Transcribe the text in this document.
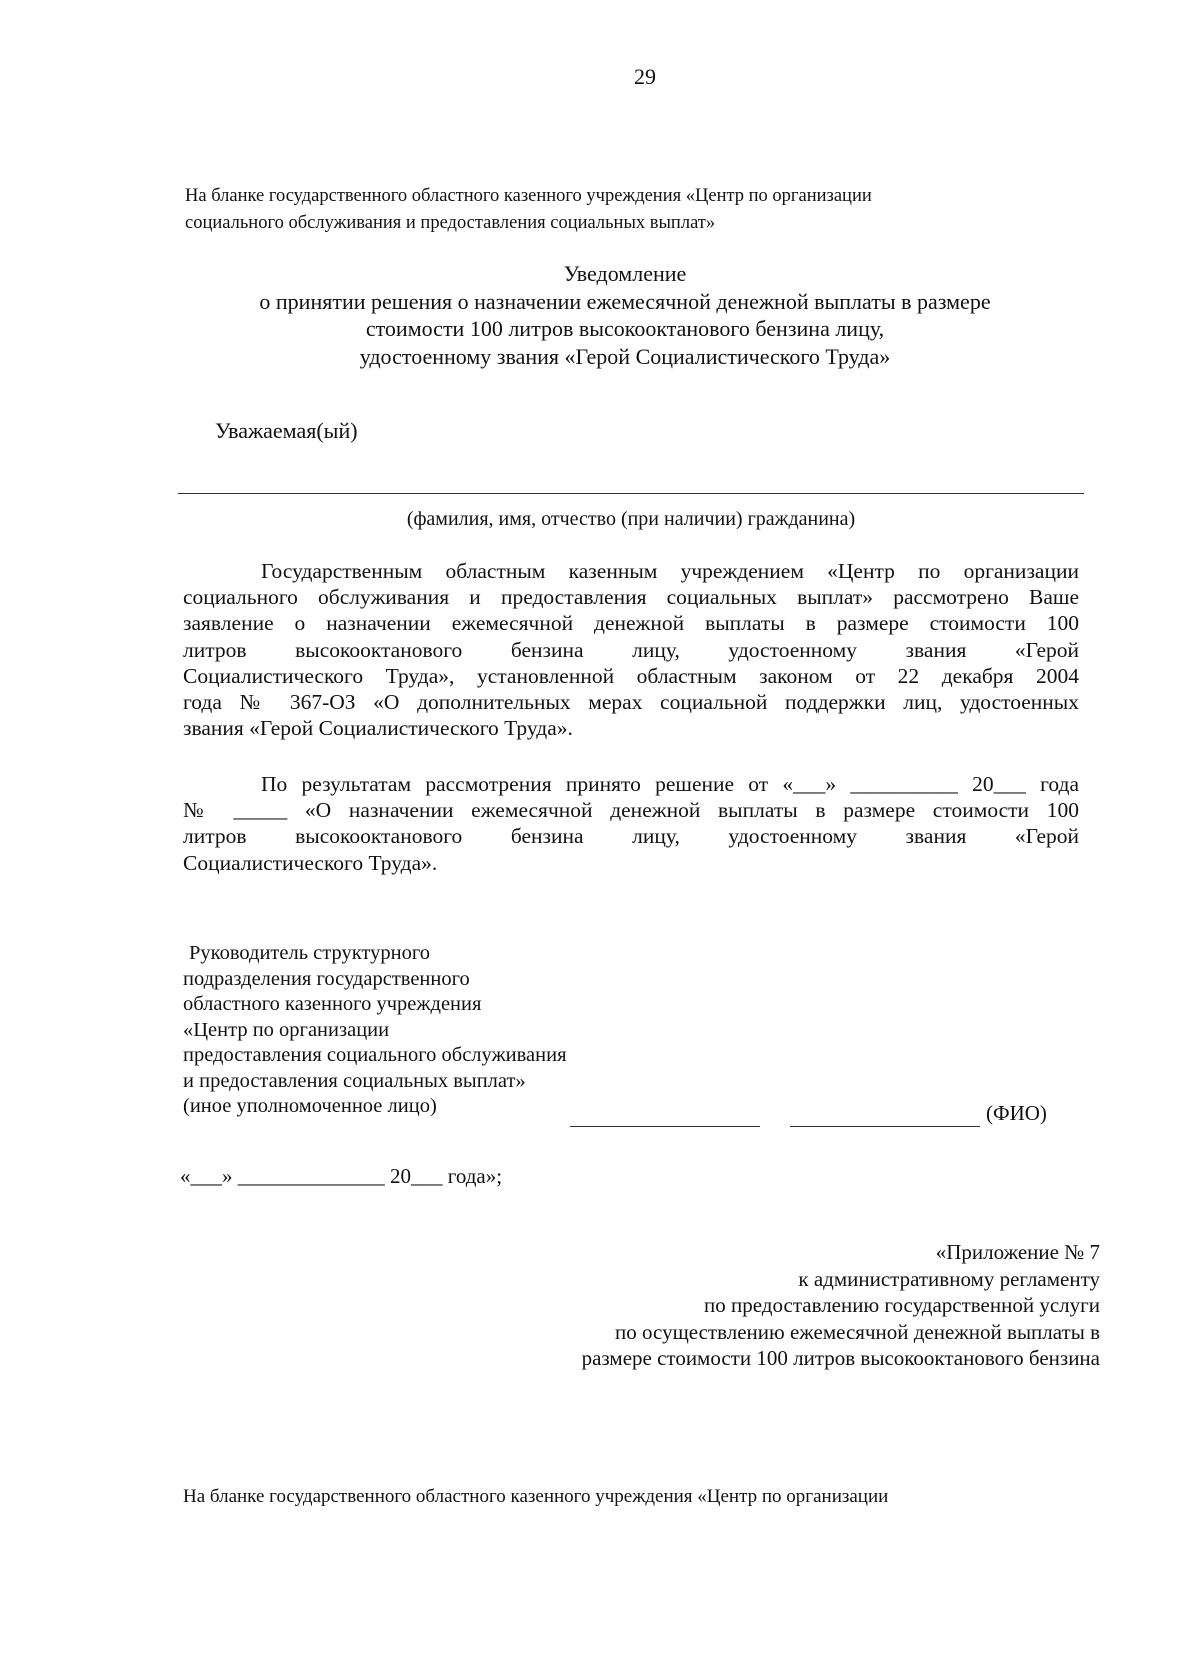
29
На бланке государственного областного казенного учреждения «Центр по организации
социального обслуживания и предоставления социальных выплат»
Уведомление
о принятии решения о назначении ежемесячной денежной выплаты в размере
стоимости 100 литров высокооктанового бензина лицу,
удостоенному звания «Герой Социалистического Труда»
Уважаемая(ый)
(фамилия, имя, отчество (при наличии) гражданина)
Государственным областным казенным учреждением «Центр по организации
социального обслуживания и предоставления социальных выплат» рассмотрено Ваше
заявление о назначении ежемесячной денежной выплаты в размере стоимости 100
литров высокооктанового бензина лицу, удостоенному звания «Герой
Социалистического Труда», установленной областным законом от 22 декабря 2004
года № 367-ОЗ «О дополнительных мерах социальной поддержки лиц, удостоенных
звания «Герой Социалистического Труда».
По результатам рассмотрения принято решение от «___» __________ 20___ года
№ _____ «О назначении ежемесячной денежной выплаты в размере стоимости 100
литров высокооктанового бензина лицу, удостоенному звания «Герой
Социалистического Труда».
Руководитель структурного
подразделения государственного
областного казенного учреждения
«Центр по организации
предоставления социального обслуживания
и предоставления социальных выплат»
(иное уполномоченное лицо)	(ФИО)
«___» ______________ 20___ года»;
«Приложение № 7
к административному регламенту
по предоставлению государственной услуги
по осуществлению ежемесячной денежной выплаты в
размере стоимости 100 литров высокооктанового бензина
На бланке государственного областного казенного учреждения «Центр по организации
